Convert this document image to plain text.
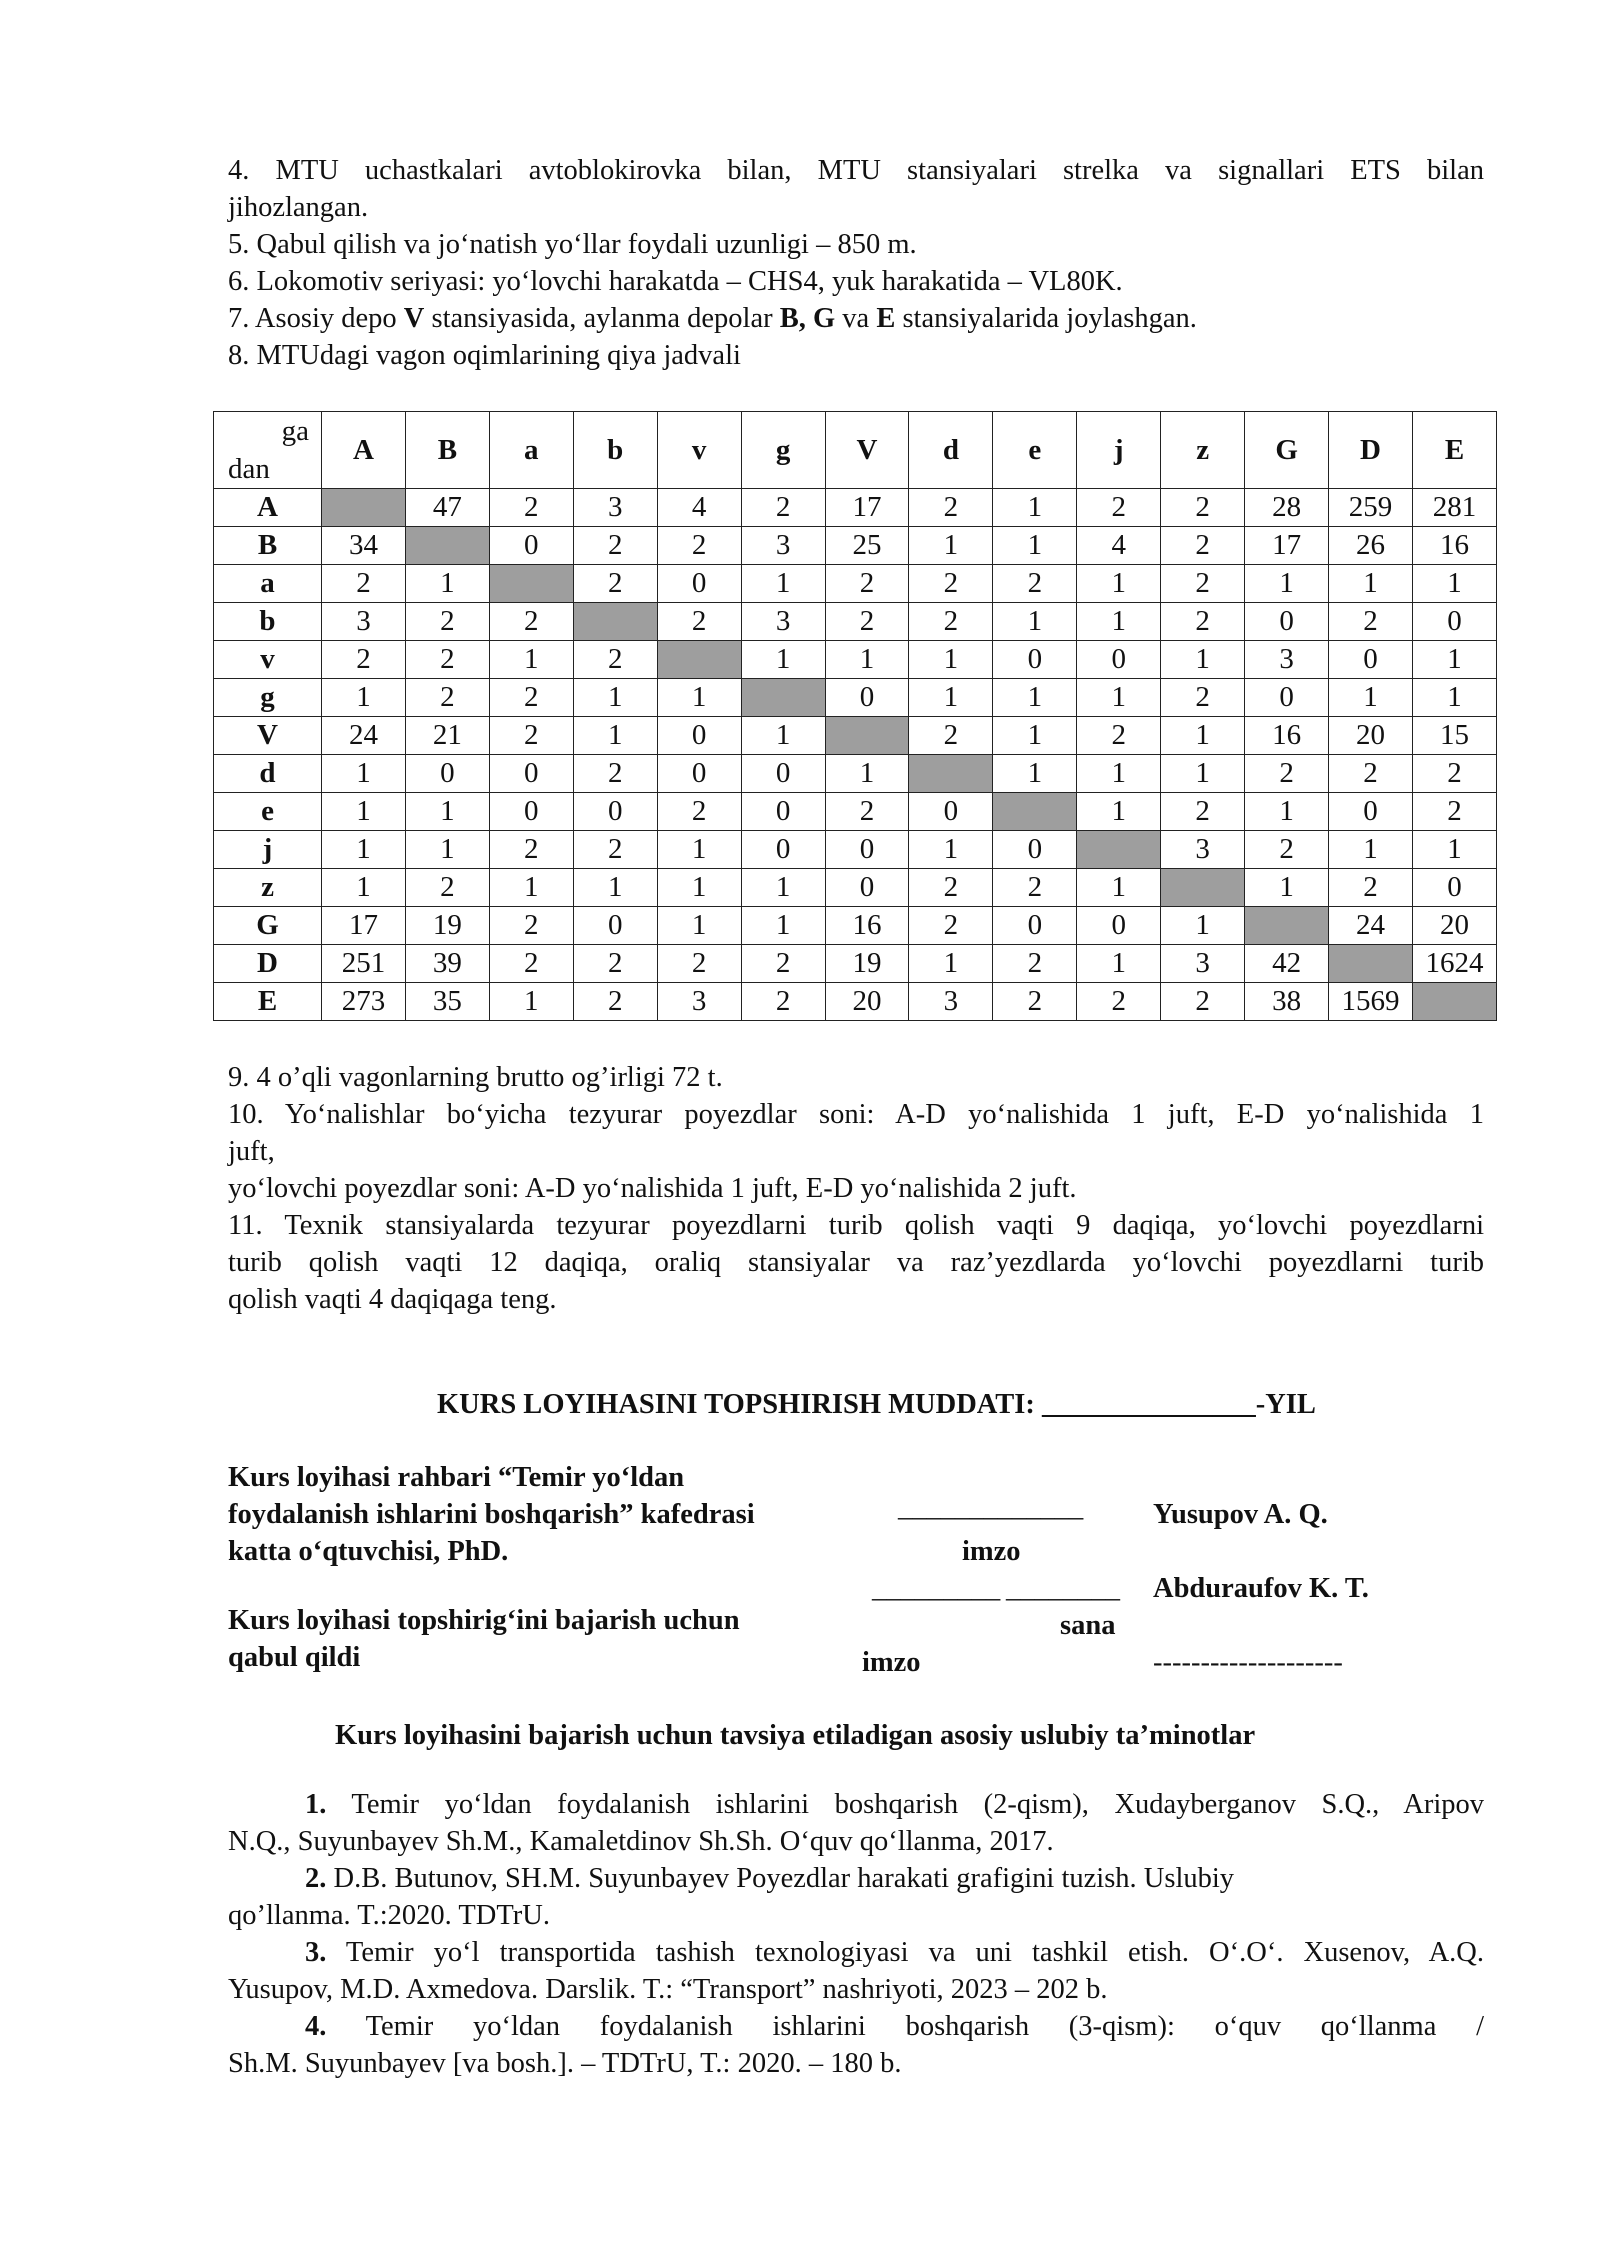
4. MTU uchastkalari avtoblokirovka bilan, MTU stansiyalari strelka va signallari ETS bilan
jihozlangan.
5. Qabul qilish va jo‘natish yo‘llar foydali uzunligi – 850 m.
6. Lokomotiv seriyasi: yo‘lovchi harakatda – CHS4, yuk harakatida – VL80K.
7. Asosiy depo V stansiyasida, aylanma depolar B, G va E stansiyalarida joylashgan.
8. MTUdagi vagon oqimlarining qiya jadvali
ga
dan	A	B	a	b	v	g	V	d	e	j	z	G	D	E
A		47	2	3	4	2	17	2	1	2	2	28	259	281
B	34		0	2	2	3	25	1	1	4	2	17	26	16
a	2	1		2	0	1	2	2	2	1	2	1	1	1
b	3	2	2		2	3	2	2	1	1	2	0	2	0
v	2	2	1	2		1	1	1	0	0	1	3	0	1
g	1	2	2	1	1		0	1	1	1	2	0	1	1
V	24	21	2	1	0	1		2	1	2	1	16	20	15
d	1	0	0	2	0	0	1		1	1	1	2	2	2
e	1	1	0	0	2	0	2	0		1	2	1	0	2
j	1	1	2	2	1	0	0	1	0		3	2	1	1
z	1	2	1	1	1	1	0	2	2	1		1	2	0
G	17	19	2	0	1	1	16	2	0	0	1		24	20
D	251	39	2	2	2	2	19	1	2	1	3	42		1624
E	273	35	1	2	3	2	20	3	2	2	2	38	1569	
9. 4 o’qli vagonlarning brutto og’irligi 72 t.
10. Yo‘nalishlar bo‘yicha tezyurar poyezdlar soni: A-D yo‘nalishida 1 juft, E-D yo‘nalishida 1
juft,
yo‘lovchi poyezdlar soni: A-D yo‘nalishida 1 juft, E-D yo‘nalishida 2 juft.
11. Texnik stansiyalarda tezyurar poyezdlarni turib qolish vaqti 9 daqiqa, yo‘lovchi poyezdlarni
turib qolish vaqti 12 daqiqa, oraliq stansiyalar va raz’yezdlarda yo‘lovchi poyezdlarni turib
qolish vaqti 4 daqiqaga teng.
KURS LOYIHASINI TOPSHIRISH MUDDATI: _______________-YIL
Kurs loyihasi rahbari “Temir yo‘ldan
foydalanish ishlarini boshqarish” kafedrasi
katta o‘qtuvchisi, PhD.
_____________
imzo
Yusupov A. Q.
_________ ________ Abduraufov K. T.
Kurs loyihasi topshirig‘ini bajarish uchun	sana
qabul qildi	imzo	--------------------
Kurs loyihasini bajarish uchun tavsiya etiladigan asosiy uslubiy ta’minotlar
1. Temir yo‘ldan foydalanish ishlarini boshqarish (2-qism), Xudayberganov S.Q., Aripov
N.Q., Suyunbayev Sh.M., Kamaletdinov Sh.Sh. O‘quv qo‘llanma, 2017.
2. D.B. Butunov, SH.M. Suyunbayev Poyezdlar harakati grafigini tuzish. Uslubiy
qo’llanma. T.:2020. TDTrU.
3. Temir yo‘l transportida tashish texnologiyasi va uni tashkil etish. O‘.O‘. Xusenov, A.Q.
Yusupov, M.D. Axmedova. Darslik. T.: “Transport” nashriyoti, 2023 – 202 b.
4. Temir yo‘ldan foydalanish ishlarini boshqarish (3-qism): o‘quv qo‘llanma /
Sh.M. Suyunbayev [va bosh.]. – TDTrU, T.: 2020. – 180 b.
